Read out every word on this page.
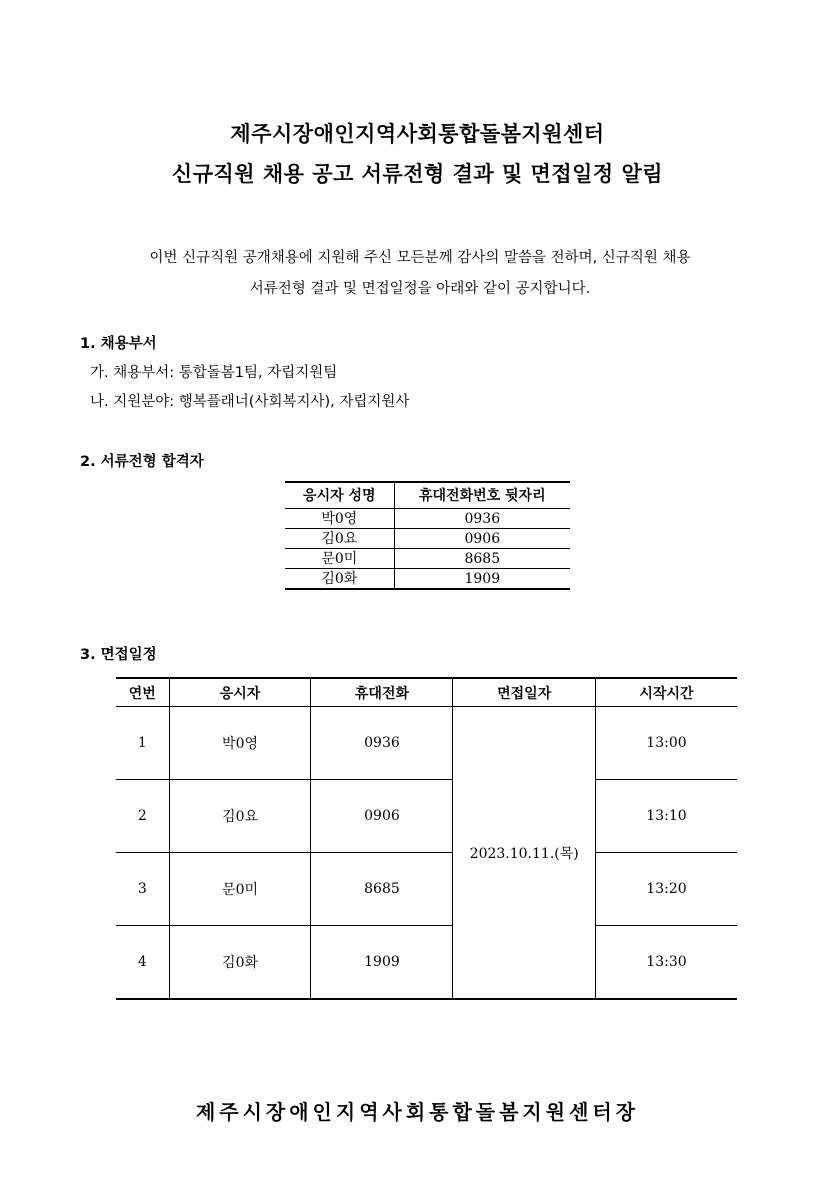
제주시장애인지역사회통합돌봄지원센터
신규직원 채용 공고 서류전형 결과 및 면접일정 알림
이번 신규직원 공개채용에 지원해 주신 모든분께 감사의 말씀을 전하며, 신규직원 채용
서류전형 결과 및 면접일정을 아래와 같이 공지합니다.
1. 채용부서
가. 채용부서: 통합돌봄1팀, 자립지원팀
나. 지원분야: 행복플래너(사회복지사), 자립지원사
2. 서류전형 합격자
응시자 성명	휴대전화번호 뒷자리
박0영	0936
김0요	0906
문0미	8685
김0화	1909
3. 면접일정
연번	응시자	휴대전화	면접일자	시작시간
1	박0영	0936	2023.10.11.(목)	13:00
2	김0요	0906		13:10
3	문0미	8685		13:20
4	김0화	1909		13:30
제주시장애인지역사회통합돌봄지원센터장
